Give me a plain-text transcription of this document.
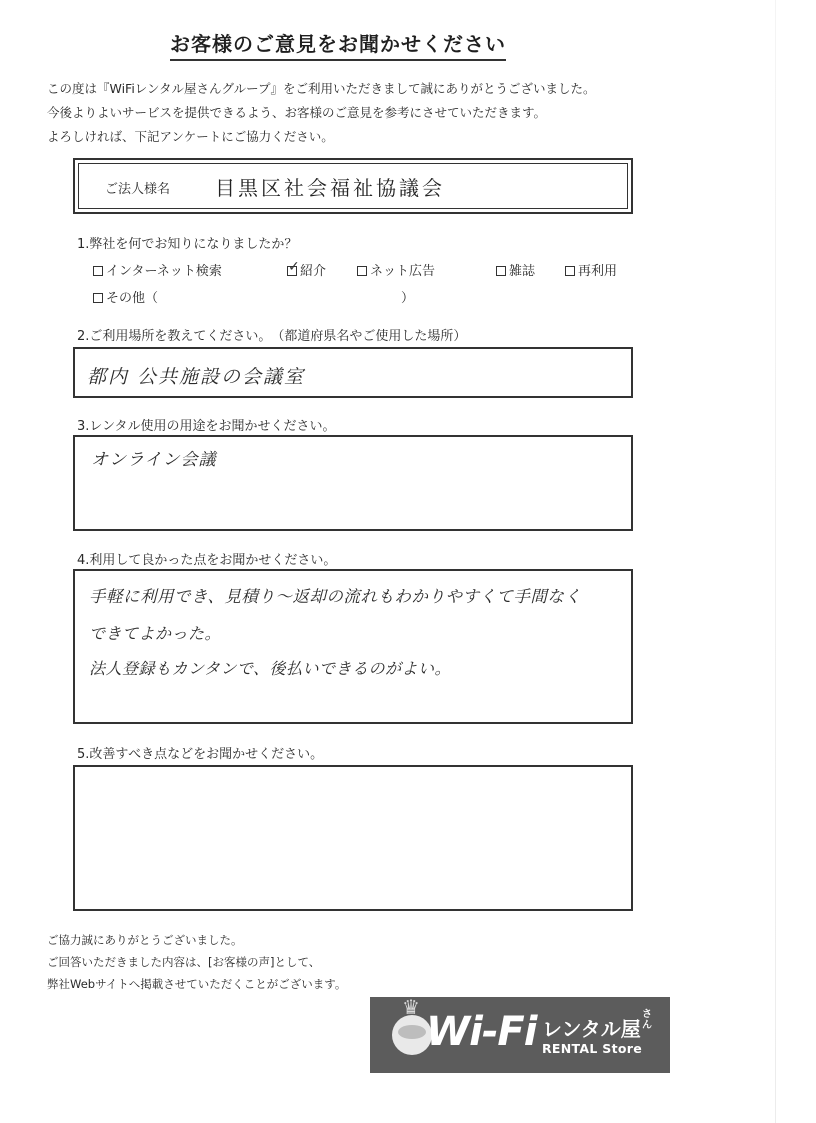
お客様のご意見をお聞かせください
この度は『WiFiレンタル屋さんグループ』をご利用いただきまして誠にありがとうございました。
今後よりよいサービスを提供できるよう、お客様のご意見を参考にさせていただきます。
よろしければ、下記アンケートにご協力ください。
ご法人様名 目黒区社会福祉協議会
1.弊社を何でお知りになりましたか？
インターネット検索
✓	紹介	ネット広告	雑誌	再利用
その他（	）
2.ご利用場所を教えてください。　（都道府県名やご使用した場所）
都内 公共施設の会議室
3.レンタル使用の用途をお聞かせください。
オンライン会議
4.利用して良かった点をお聞かせください。
手軽に利用でき、見積り〜返却の流れもわかりやすくて手間なく
できてよかった。
法人登録もカンタンで、後払いできるのがよい。
5.改善すべき点などをお聞かせください。
ご協力誠にありがとうございました。
ご回答いただきました内容は、[お客様の声]として、
弊社Webサイトへ掲載させていただくことがございます。
♛
Wi-Fi レンタル屋
さん
RENTAL Store
